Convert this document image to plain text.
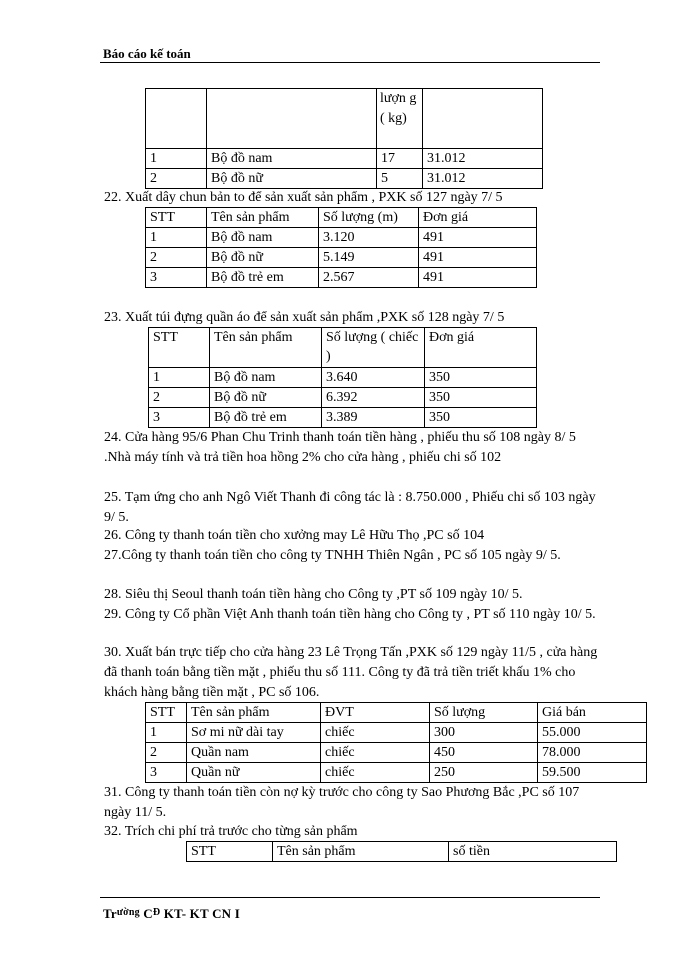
Báo cáo kế toán
		lượn g ( kg)	
1	Bộ đồ nam	17	31.012
2	Bộ đồ nữ	5	31.012
22. Xuất dây chun bản to để sản xuất sản phẩm , PXK số 127 ngày 7/ 5
STT	Tên sản phẩm	Số lượng (m)	Đơn giá
1	Bộ đồ nam	3.120	491
2	Bộ đồ nữ	5.149	491
3	Bộ đồ trẻ em	2.567	491
23. Xuất túi đựng quần áo để sản xuất sản phẩm ,PXK số 128 ngày 7/ 5
STT	Tên sản phẩm	Số lượng ( chiếc )	Đơn giá
1	Bộ đồ nam	3.640	350
2	Bộ đồ nữ	6.392	350
3	Bộ đồ trẻ em	3.389	350
24. Cửa hàng 95/6 Phan Chu Trinh thanh toán tiền hàng , phiếu thu số 108 ngày 8/ 5 .Nhà máy tính và trả tiền hoa hồng 2% cho cửa hàng , phiếu chi số 102
25. Tạm ứng cho anh Ngô Viết Thanh đi công tác là : 8.750.000 , Phiếu chi số 103 ngày 9/ 5.
26. Công ty thanh toán tiền cho xưởng may Lê Hữu Thọ ,PC số 104
27.Công ty thanh toán tiền cho công ty TNHH Thiên Ngân , PC số 105 ngày 9/ 5.
28. Siêu thị Seoul thanh toán tiền hàng cho Công ty ,PT số 109 ngày 10/ 5.
29. Công ty Cổ phần Việt Anh thanh toán tiền hàng cho Công ty , PT số 110 ngày 10/ 5.
30. Xuất bán trực tiếp cho cửa hàng 23 Lê Trọng Tấn ,PXK số 129 ngày 11/5 , cửa hàng đã thanh toán bằng tiền mặt , phiếu thu số 111. Công ty đã trả tiền triết khấu 1% cho khách hàng bằng tiền mặt , PC số 106.
STT	Tên sản phẩm	ĐVT	Số lượng	Giá bán
1	Sơ mi nữ dài tay	chiếc	300	55.000
2	Quần nam	chiếc	450	78.000
3	Quần nữ	chiếc	250	59.500
31. Công ty thanh toán tiền còn nợ kỳ trước cho công ty Sao Phương Bắc ,PC số 107 ngày 11/ 5.
32. Trích chi phí trả trước cho từng sản phẩm
STT	Tên sản phẩm	số tiền
$Tr^{ường}$ $C^Đ$ KT- KT CN I
